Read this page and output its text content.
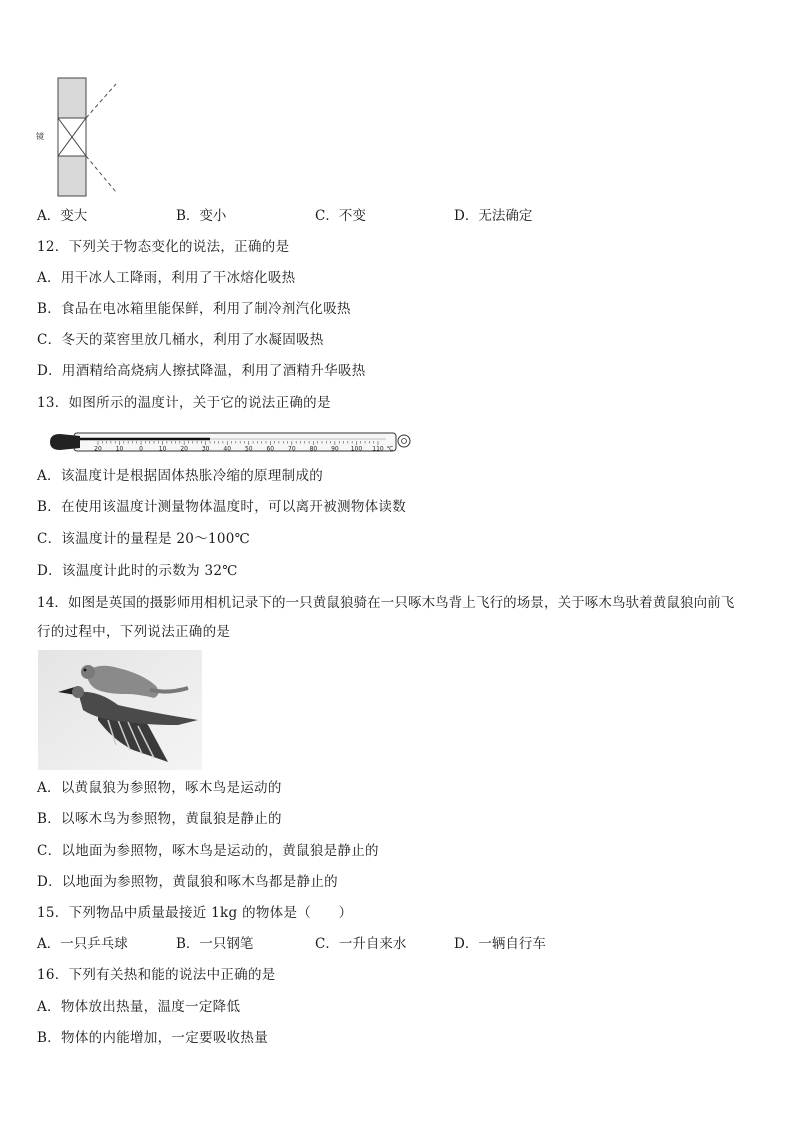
镜
A．变大	B．变小	C．不变	D．无法确定
12．下列关于物态变化的说法，正确的是
A．用干冰人工降雨，利用了干冰熔化吸热
B．食品在电冰箱里能保鲜，利用了制冷剂汽化吸热
C．冬天的菜窖里放几桶水，利用了水凝固吸热
D．用酒精给高烧病人擦拭降温，利用了酒精升华吸热
13．如图所示的温度计，关于它的说法正确的是
20 10	0	10 20 30 40 50 60 70 80 90 100 110 ℃
A．该温度计是根据固体热胀冷缩的原理制成的
B．在使用该温度计测量物体温度时，可以离开被测物体读数
C．该温度计的量程是 20～100℃
D．该温度计此时的示数为 32℃
14．如图是英国的摄影师用相机记录下的一只黄鼠狼骑在一只啄木鸟背上飞行的场景，关于啄木鸟驮着黄鼠狼向前飞
行的过程中，下列说法正确的是
A．以黄鼠狼为参照物，啄木鸟是运动的
B．以啄木鸟为参照物，黄鼠狼是静止的
C．以地面为参照物，啄木鸟是运动的，黄鼠狼是静止的
D．以地面为参照物，黄鼠狼和啄木鸟都是静止的
15．下列物品中质量最接近 1kg 的物体是（　　）
A．一只乒乓球	B．一只钢笔	C．一升自来水	D．一辆自行车
16．下列有关热和能的说法中正确的是
A．物体放出热量，温度一定降低
B．物体的内能增加，一定要吸收热量
